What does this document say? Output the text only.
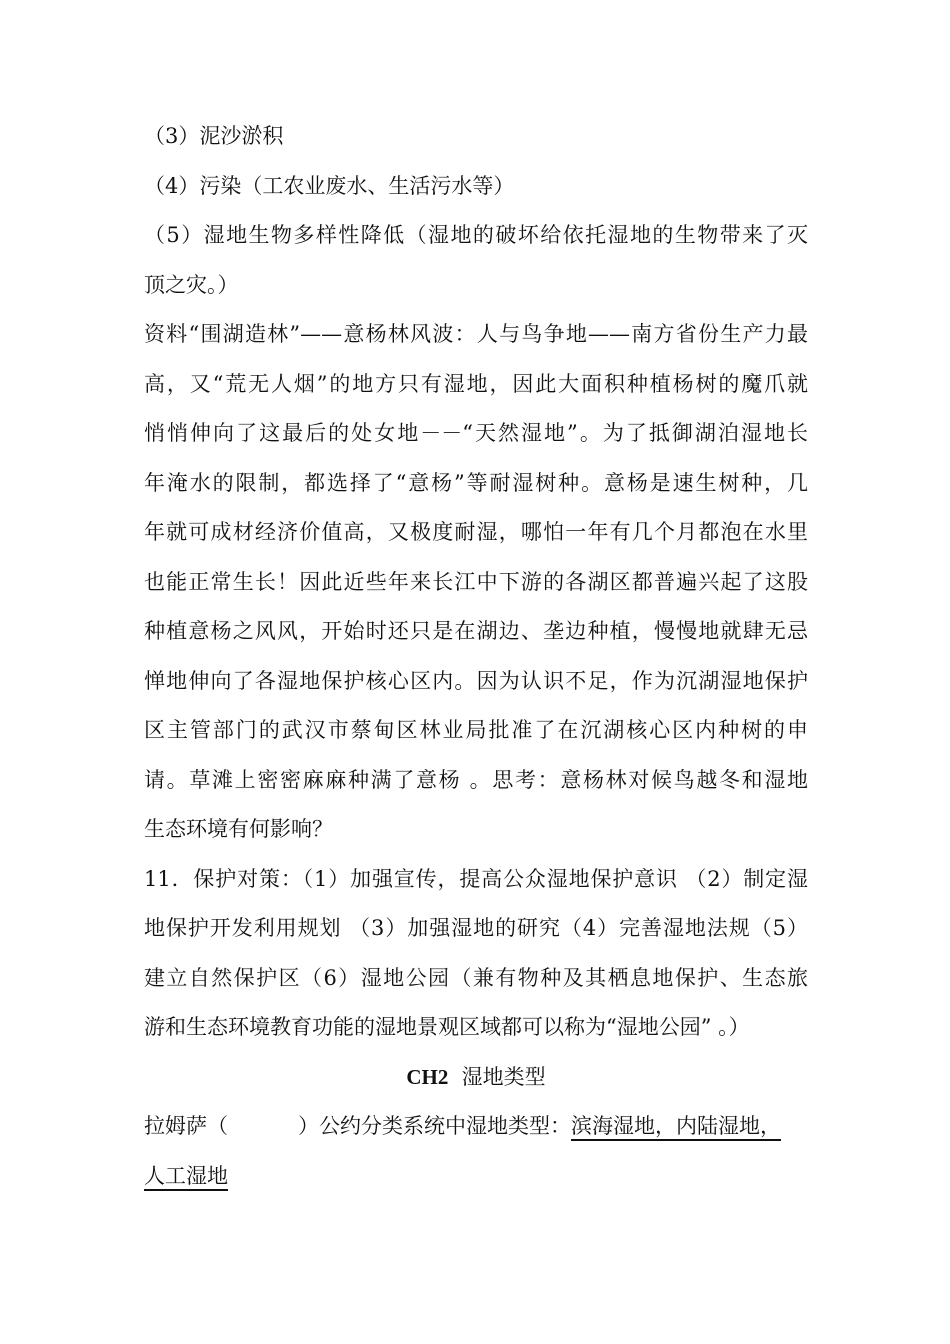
（3）泥沙淤积
（4）污染（工农业废水、生活污水等）
（5）湿地生物多样性降低（湿地的破坏给依托湿地的生物带来了灭
顶之灾。）
资料“围湖造林”——意杨林风波：人与鸟争地——南方省份生产力最
高，又“荒无人烟”的地方只有湿地，因此大面积种植杨树的魔爪就
悄悄伸向了这最后的处女地－－“天然湿地”。为了抵御湖泊湿地长
年淹水的限制，都选择了“意杨”等耐湿树种。意杨是速生树种，几
年就可成材经济价值高，又极度耐湿，哪怕一年有几个月都泡在水里
也能正常生长！因此近些年来长江中下游的各湖区都普遍兴起了这股
种植意杨之风风，开始时还只是在湖边、垄边种植，慢慢地就肆无忌
惮地伸向了各湿地保护核心区内。因为认识不足，作为沉湖湿地保护
区主管部门的武汉市蔡甸区林业局批准了在沉湖核心区内种树的申
请。草滩上密密麻麻种满了意杨 。思考：意杨林对候鸟越冬和湿地
生态环境有何影响？
11．保护对策：（1）加强宣传，提高公众湿地保护意识 （2）制定湿
地保护开发利用规划 （3）加强湿地的研究（4）完善湿地法规（5）
建立自然保护区（6）湿地公园（兼有物种及其栖息地保护、生态旅
游和生态环境教育功能的湿地景观区域都可以称为“湿地公园” 。）
CH2 湿地类型
拉姆萨（	）公约分类系统中湿地类型：滨海湿地，内陆湿地，
人工湿地
